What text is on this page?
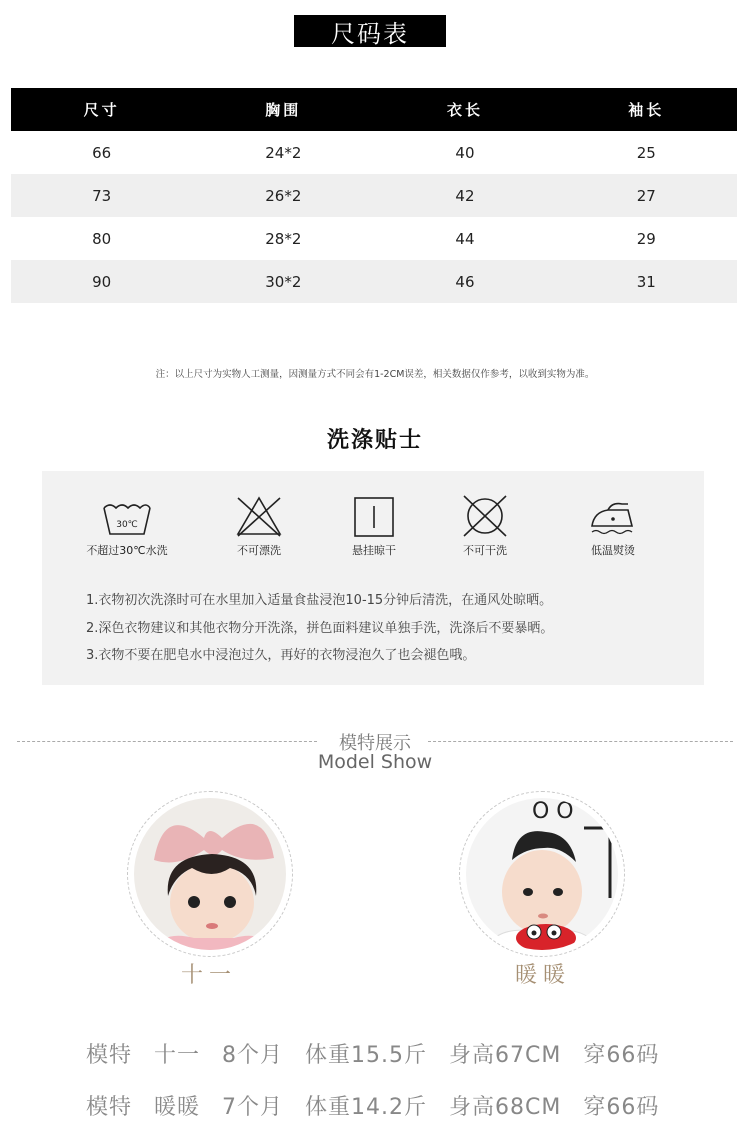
尺码表
尺寸	胸围	衣长	袖长
66	24*2	40	25
73	26*2	42	27
80	28*2	44	29
90	30*2	46	31
注：以上尺寸为实物人工测量，因测量方式不同会有1-2CM误差，相关数据仅作参考，以收到实物为准。
洗涤贴士
30℃
不超过30℃水洗	不可漂洗	悬挂晾干	不可干洗	低温熨烫
1.衣物初次洗涤时可在水里加入适量食盐浸泡10-15分钟后清洗，在通风处晾晒。
2.深色衣物建议和其他衣物分开洗涤，拼色面料建议单独手洗，洗涤后不要暴晒。
3.衣物不要在肥皂水中浸泡过久，再好的衣物浸泡久了也会褪色哦。
模特展示
Model Show
十一
O O
暖暖
模特 十一 8个月 体重15.5斤 身高67CM 穿66码
模特 暖暖 7个月 体重14.2斤 身高68CM 穿66码
